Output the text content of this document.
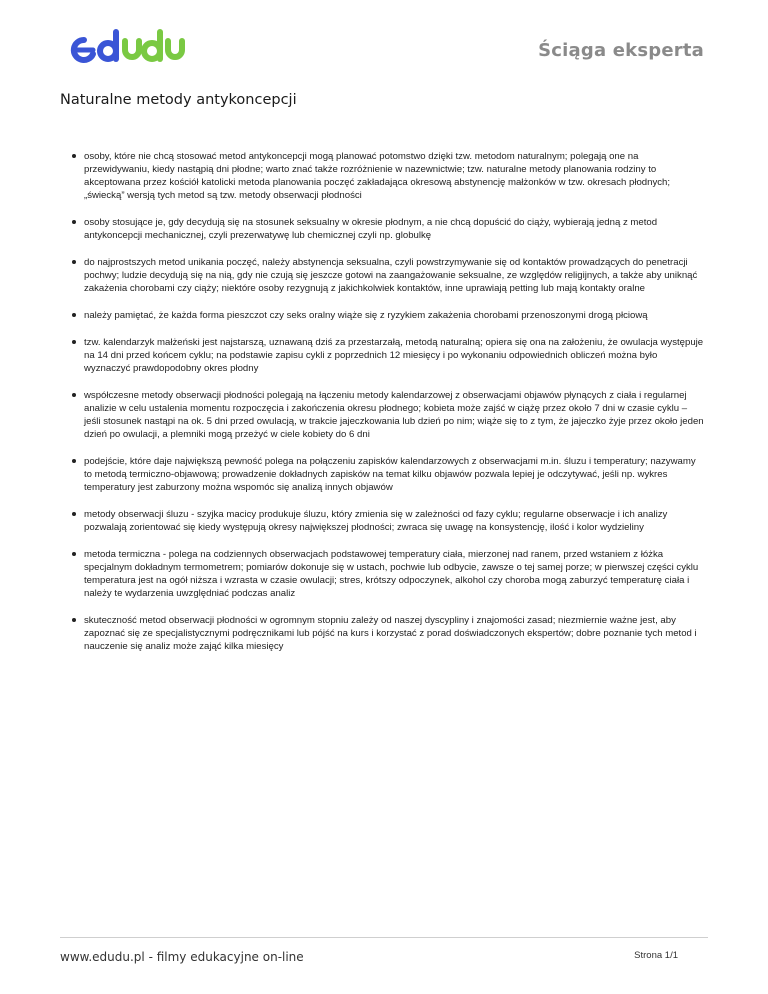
Ściąga eksperta
Naturalne metody antykoncepcji
osoby, które nie chcą stosować metod antykoncepcji mogą planować potomstwo dzięki tzw. metodom naturalnym; polegają one na przewidywaniu, kiedy nastąpią dni płodne; warto znać także rozróżnienie w nazewnictwie; tzw. naturalne metody planowania rodziny to akceptowana przez kościół katolicki metoda planowania poczęć zakładająca okresową abstynencję małżonków w tzw. okresach płodnych; „świecką” wersją tych metod są tzw. metody obserwacji płodności
osoby stosujące je, gdy decydują się na stosunek seksualny w okresie płodnym, a nie chcą dopuścić do ciąży, wybierają jedną z metod antykoncepcji mechanicznej, czyli prezerwatywę lub chemicznej czyli np. globulkę
do najprostszych metod unikania poczęć, należy abstynencja seksualna, czyli powstrzymywanie się od kontaktów prowadzących do penetracji pochwy; ludzie decydują się na nią, gdy nie czują się jeszcze gotowi na zaangażowanie seksualne, ze względów religijnych, a także aby uniknąć zakażenia chorobami czy ciąży; niektóre osoby rezygnują z jakichkolwiek kontaktów, inne uprawiają petting lub mają kontakty oralne
należy pamiętać, że każda forma pieszczot czy seks oralny wiąże się z ryzykiem zakażenia chorobami przenoszonymi drogą płciową
tzw. kalendarzyk małżeński jest najstarszą, uznawaną dziś za przestarzałą, metodą naturalną; opiera się ona na założeniu, że owulacja występuje na 14 dni przed końcem cyklu; na podstawie zapisu cykli z poprzednich 12 miesięcy i po wykonaniu odpowiednich obliczeń można było wyznaczyć prawdopodobny okres płodny
współczesne metody obserwacji płodności polegają na łączeniu metody kalendarzowej z obserwacjami objawów płynących z ciała i regularnej analizie w celu ustalenia momentu rozpoczęcia i zakończenia okresu płodnego; kobieta może zajść w ciążę przez około 7 dni w czasie cyklu – jeśli stosunek nastąpi na ok. 5 dni przed owulacją, w trakcie jajeczkowania lub dzień po nim; wiąże się to z tym, że jajeczko żyje przez około jeden dzień po owulacji, a plemniki mogą przeżyć w ciele kobiety do 6 dni
podejście, które daje największą pewność polega na połączeniu zapisków kalendarzowych z obserwacjami m.in. śluzu i temperatury; nazywamy to metodą termiczno-objawową; prowadzenie dokładnych zapisków na temat kilku objawów pozwala lepiej je odczytywać, jeśli np. wykres temperatury jest zaburzony można wspomóc się analizą innych objawów
metody obserwacji śluzu - szyjka macicy produkuje śluzu, który zmienia się w zależności od fazy cyklu; regularne obserwacje i ich analizy pozwalają zorientować się kiedy występują okresy największej płodności; zwraca się uwagę na konsystencję, ilość i kolor wydzieliny
metoda termiczna - polega na codziennych obserwacjach podstawowej temperatury ciała, mierzonej nad ranem, przed wstaniem z łóżka specjalnym dokładnym termometrem; pomiarów dokonuje się w ustach, pochwie lub odbycie, zawsze o tej samej porze; w pierwszej części cyklu temperatura jest na ogół niższa i wzrasta w czasie owulacji; stres, krótszy odpoczynek, alkohol czy choroba mogą zaburzyć temperaturę ciała i należy te wydarzenia uwzględniać podczas analiz
skuteczność metod obserwacji płodności w ogromnym stopniu zależy od naszej dyscypliny i znajomości zasad; niezmiernie ważne jest, aby zapoznać się ze specjalistycznymi podręcznikami lub pójść na kurs i korzystać z porad doświadczonych ekspertów; dobre poznanie tych metod i nauczenie się analiz może zająć kilka miesięcy
www.edudu.pl - filmy edukacyjne on-line	Strona 1/1
